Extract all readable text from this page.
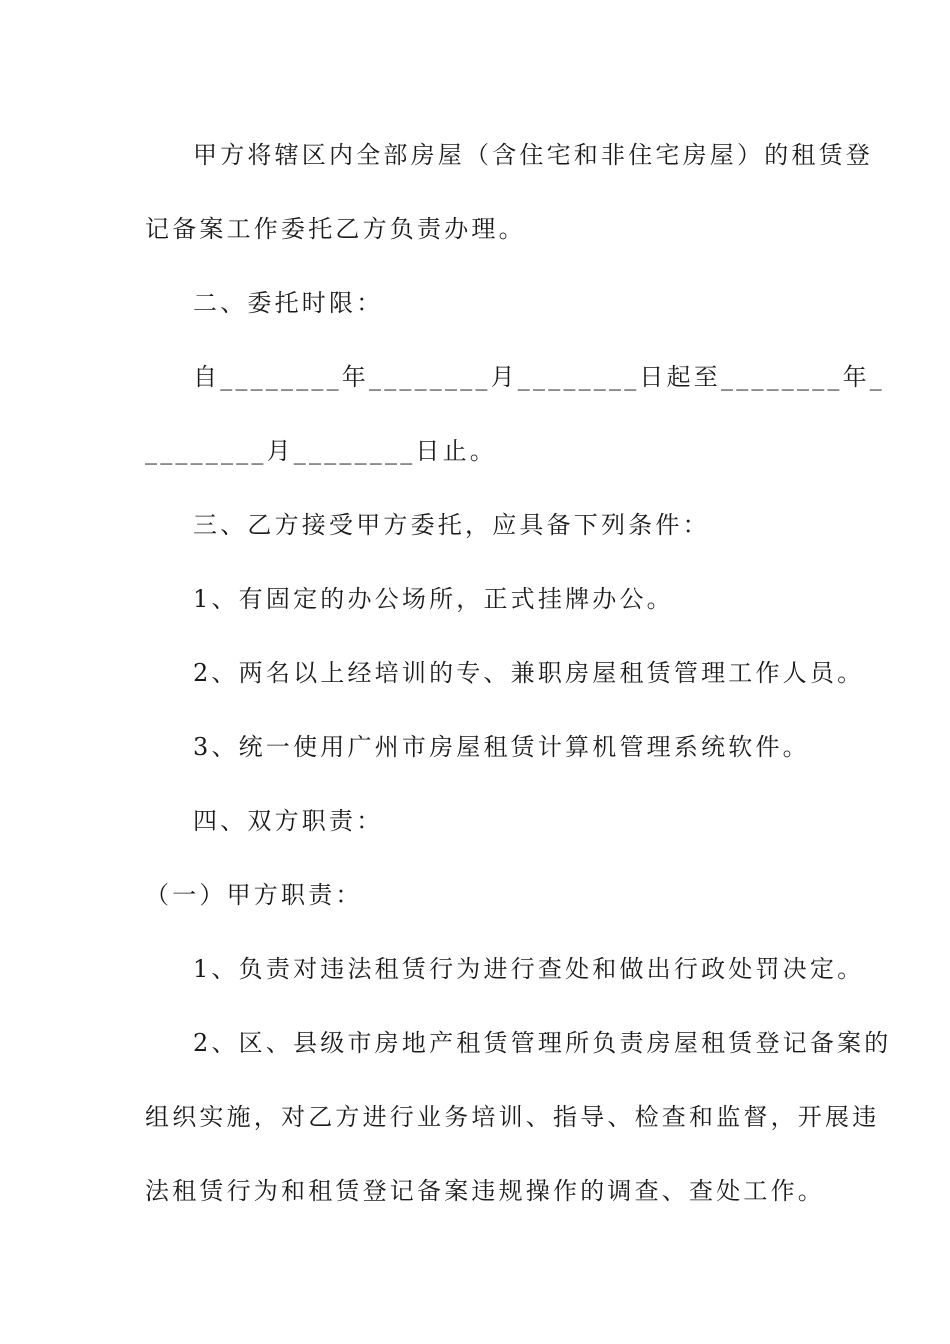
甲方将辖区内全部房屋（含住宅和非住宅房屋）的租赁登
记备案工作委托乙方负责办理。
二、委托时限：
自________年________月________日起至________年_
________月________日止。
三、乙方接受甲方委托，应具备下列条件：
1、有固定的办公场所，正式挂牌办公。
2、两名以上经培训的专、兼职房屋租赁管理工作人员。
3、统一使用广州市房屋租赁计算机管理系统软件。
四、双方职责：
（一）甲方职责：
1、负责对违法租赁行为进行查处和做出行政处罚决定。
2、区、县级市房地产租赁管理所负责房屋租赁登记备案的
组织实施，对乙方进行业务培训、指导、检查和监督，开展违
法租赁行为和租赁登记备案违规操作的调查、查处工作。
